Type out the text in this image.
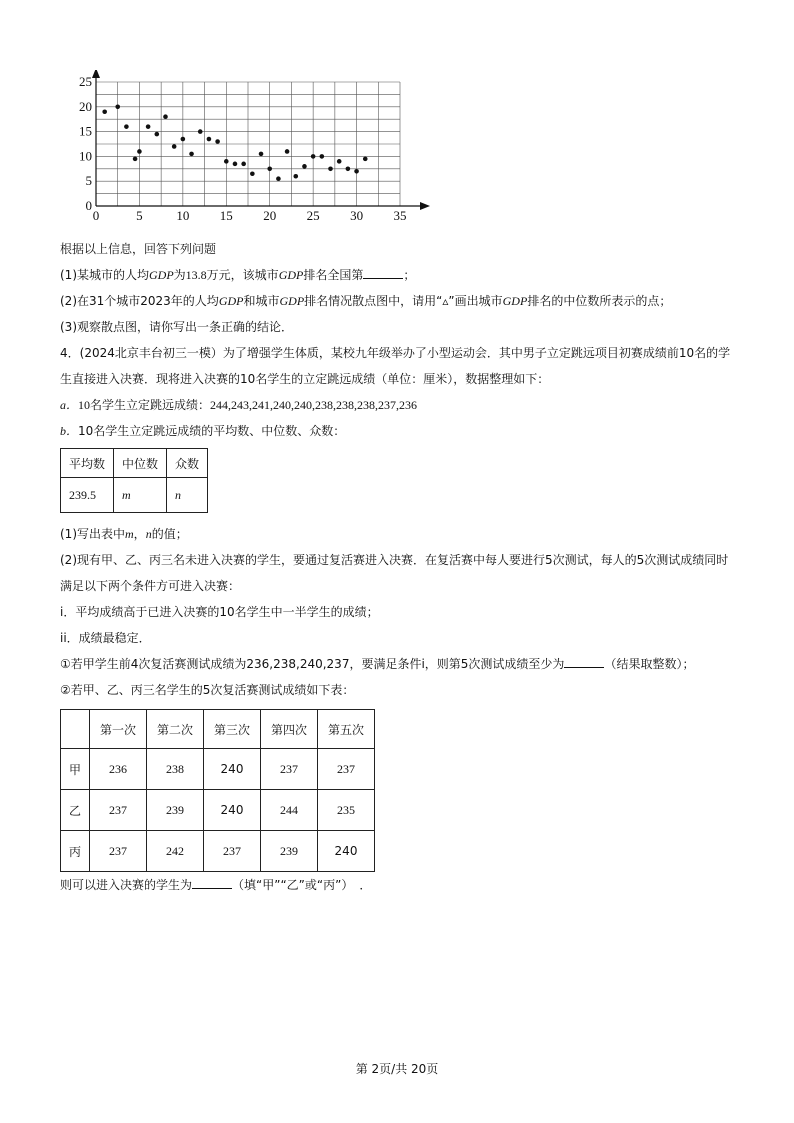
0	5	10 15 20 25 30 35
0
5
10
15
20
25
根据以上信息，回答下列问题
(1)某城市的人均GDP为13.8万元，该城市GDP排名全国第	；
(2)在31个城市2023年的人均GDP和城市GDP排名情况散点图中，请用“▵”画出城市GDP排名的中位数所表示的点；
(3)观察散点图，请你写出一条正确的结论．
4．(2024北京丰台初三一模）为了增强学生体质，某校九年级举办了小型运动会．其中男子立定跳远项目初赛成绩前10名的学生直接进入决赛．现将进入决赛的10名学生的立定跳远成绩（单位：厘米），数据整理如下：
a．10名学生立定跳远成绩：244,243,241,240,240,238,238,238,237,236
b．10名学生立定跳远成绩的平均数、中位数、众数：
平均数	中位数	众数
239.5	m	n
(1)写出表中m，n的值；
(2)现有甲、乙、丙三名未进入决赛的学生，要通过复活赛进入决赛．在复活赛中每人要进行5次测试，每人的5次测试成绩同时满足以下两个条件方可进入决赛：
i．平均成绩高于已进入决赛的10名学生中一半学生的成绩；
ii．成绩最稳定．
①若甲学生前4次复活赛测试成绩为236,238,240,237，要满足条件i，则第5次测试成绩至少为	（结果取整数）；
②若甲、乙、丙三名学生的5次复活赛测试成绩如下表：
	第一次	第二次	第三次	第四次	第五次
甲	236	238	240	237	237
乙	237	239	240	244	235
丙	237	242	237	239	240
则可以进入决赛的学生为	（填“甲”“乙”或“丙”）　．
第 2页/共 20页
